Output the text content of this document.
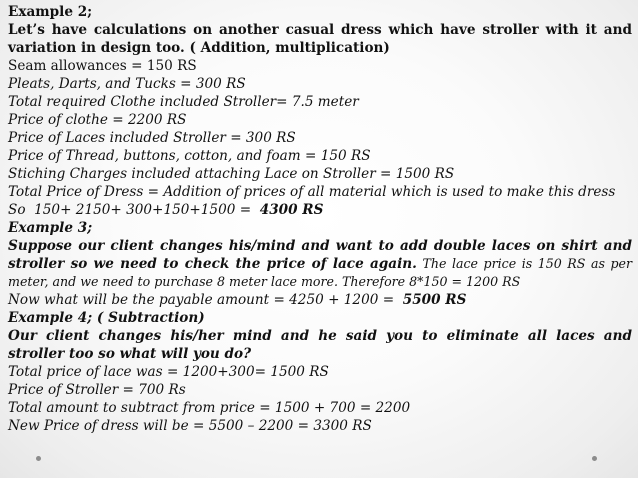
Example 2;
Let’s have calculations on another casual dress which have stroller with it and variation in design too. ( Addition, multiplication)
Seam allowances = 150 RS
Pleats, Darts, and Tucks = 300 RS
Total required Clothe included Stroller= 7.5 meter
Price of clothe = 2200 RS
Price of Laces included Stroller = 300 RS
Price of Thread, buttons, cotton, and foam = 150 RS
Stiching Charges included attaching Lace on Stroller = 1500 RS
Total Price of Dress = Addition of prices of all material which is used to make this dress
So  150+ 2150+ 300+150+1500 =  4300 RS
Example 3;
Suppose our client changes his/mind and want to add double laces on shirt and stroller so we need to check the price of lace again. The lace price is 150 RS as per meter, and we need to purchase 8 meter lace more. Therefore 8*150 = 1200 RS
Now what will be the payable amount = 4250 + 1200 =  5500 RS
Example 4; ( Subtraction)
Our client changes his/her mind and he said you to eliminate all laces and stroller too so what will you do?
Total price of lace was = 1200+300= 1500 RS
Price of Stroller = 700 Rs
Total amount to subtract from price = 1500 + 700 = 2200
New Price of dress will be = 5500 – 2200 = 3300 RS
